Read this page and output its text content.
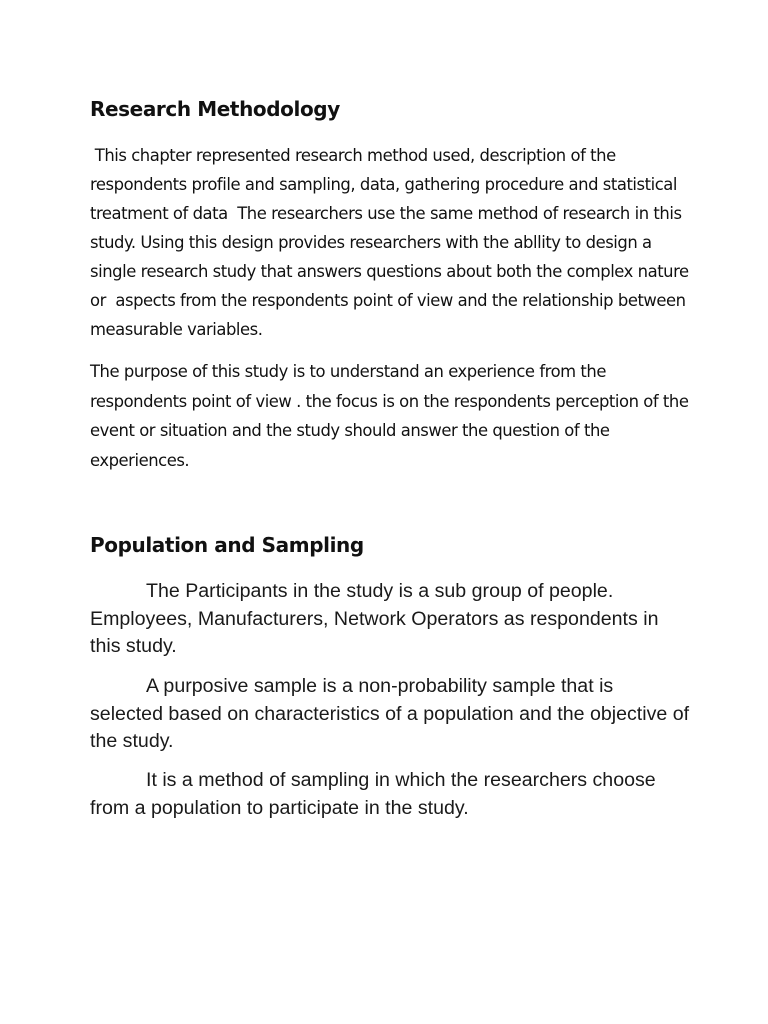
Research Methodology

This chapter represented research method used, description of the respondents profile and sampling, data, gathering procedure and statistical treatment of data  The researchers use the same method of research in this study. Using this design provides researchers with the abllity to design a single research study that answers questions about both the complex nature or  aspects from the respondents point of view and the relationship between measurable variables.

The purpose of this study is to understand an experience from the respondents point of view . the focus is on the respondents perception of the event or situation and the study should answer the question of the experiences.

Population and Sampling

The Participants in the study is a sub group of people. Employees, Manufacturers, Network Operators as respondents in this study.

A purposive sample is a non-probability sample that is selected based on characteristics of a population and the objective of the study.

It is a method of sampling in which the researchers choose from a population to participate in the study.
